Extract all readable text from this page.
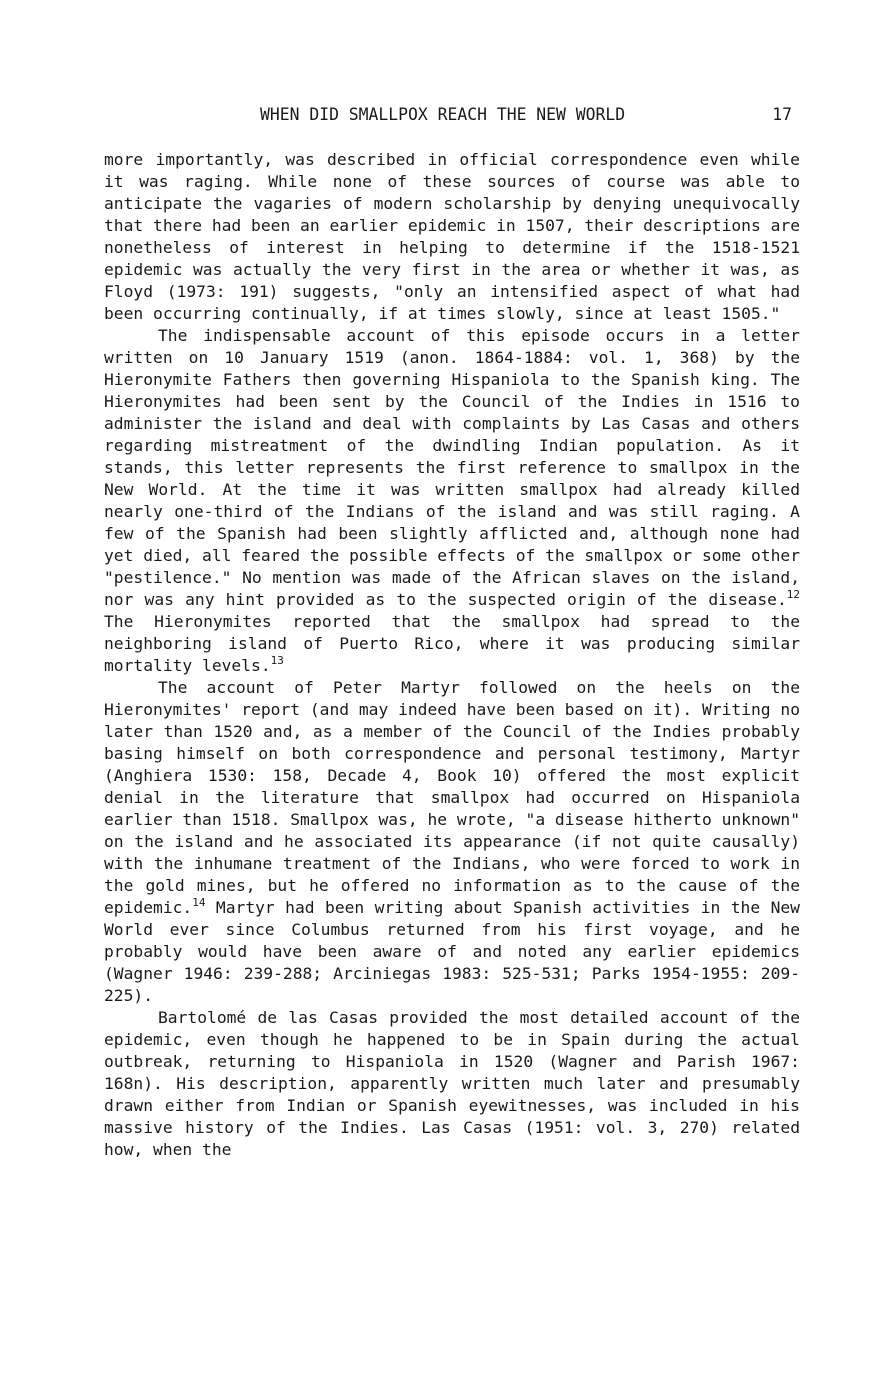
WHEN DID SMALLPOX REACH THE NEW WORLD	17

more importantly, was described in official correspondence even while it was raging. While none of these sources of course was able to anticipate the vagaries of modern scholarship by denying unequivocally that there had been an earlier epidemic in 1507, their descriptions are nonetheless of interest in helping to determine if the 1518-1521 epidemic was actually the very first in the area or whether it was, as Floyd (1973: 191) suggests, "only an intensified aspect of what had been occurring continually, if at times slowly, since at least 1505."

The indispensable account of this episode occurs in a letter written on 10 January 1519 (anon. 1864-1884: vol. 1, 368) by the Hieronymite Fathers then governing Hispaniola to the Spanish king. The Hieronymites had been sent by the Council of the Indies in 1516 to administer the island and deal with complaints by Las Casas and others regarding mistreatment of the dwindling Indian population. As it stands, this letter represents the first reference to smallpox in the New World. At the time it was written smallpox had already killed nearly one-third of the Indians of the island and was still raging. A few of the Spanish had been slightly afflicted and, although none had yet died, all feared the possible effects of the smallpox or some other "pestilence." No mention was made of the African slaves on the island, nor was any hint provided as to the suspected origin of the disease.$^{12}$ The Hieronymites reported that the smallpox had spread to the neighboring island of Puerto Rico, where it was producing similar mortality levels.$^{13}$

The account of Peter Martyr followed on the heels on the Hieronymites' report (and may indeed have been based on it). Writing no later than 1520 and, as a member of the Council of the Indies probably basing himself on both correspondence and personal testimony, Martyr (Anghiera 1530: 158, Decade 4, Book 10) offered the most explicit denial in the literature that smallpox had occurred on Hispaniola earlier than 1518. Smallpox was, he wrote, "a disease hitherto unknown" on the island and he associated its appearance (if not quite causally) with the inhumane treatment of the Indians, who were forced to work in the gold mines, but he offered no information as to the cause of the epidemic.$^{14}$ Martyr had been writing about Spanish activities in the New World ever since Columbus returned from his first voyage, and he probably would have been aware of and noted any earlier epidemics (Wagner 1946: 239-288; Arciniegas 1983: 525-531; Parks 1954-1955: 209-225).

Bartolomé de las Casas provided the most detailed account of the epidemic, even though he happened to be in Spain during the actual outbreak, returning to Hispaniola in 1520 (Wagner and Parish 1967: 168n). His description, apparently written much later and presumably drawn either from Indian or Spanish eyewitnesses, was included in his massive history of the Indies. Las Casas (1951: vol. 3, 270) related how, when the
